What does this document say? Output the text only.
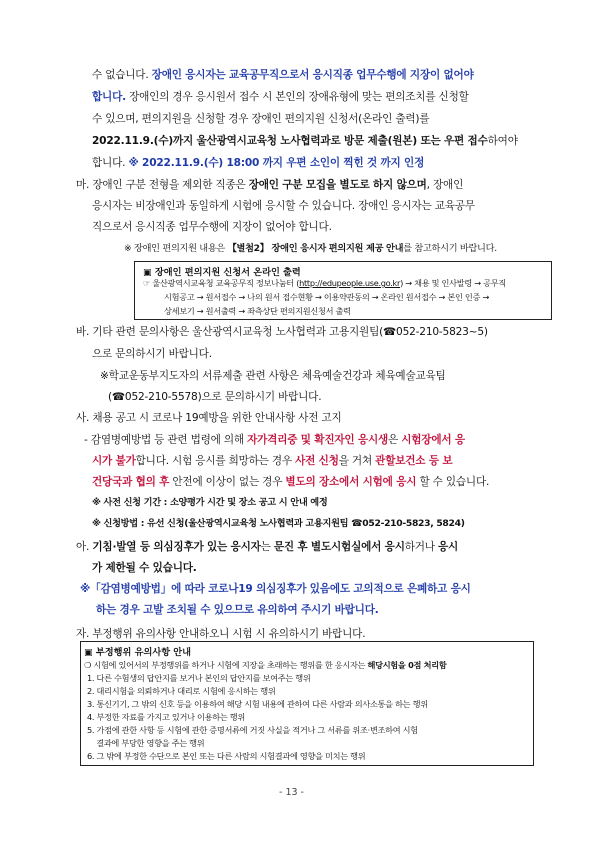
수 없습니다. 장애인 응시자는 교육공무직으로서 응시직종 업무수행에 지장이 없어야
합니다. 장애인의 경우 응시원서 접수 시 본인의 장애유형에 맞는 편의조치를 신청할
수 있으며, 편의지원을 신청할 경우 장애인 편의지원 신청서(온라인 출력)를
2022.11.9.(수)까지 울산광역시교육청 노사협력과로 방문 제출(원본) 또는 우편 접수하여야
합니다. ※ 2022.11.9.(수) 18:00 까지 우편 소인이 찍힌 것 까지 인정
마. 장애인 구분 전형을 제외한 직종은 장애인 구분 모집을 별도로 하지 않으며, 장애인
응시자는 비장애인과 동일하게 시험에 응시할 수 있습니다. 장애인 응시자는 교육공무
직으로서 응시직종 업무수행에 지장이 없어야 합니다.
※ 장애인 편의지원 내용은 【별첨2】 장애인 응시자 편의지원 제공 안내를 참고하시기 바랍니다.
▣ 장애인 편의지원 신청서 온라인 출력
☞ 울산광역시교육청 교육공무직 정보나눔터 (http://edupeople.use.go.kr) → 채용 및 인사발령 → 공무직
시험공고 → 원서접수 → 나의 원서 접수현황 → 이용약관동의 → 온라인 원서접수 → 본인 인증 →
상세보기 → 원서출력 → 좌측상단 편의지원신청서 출력
바. 기타 관련 문의사항은 울산광역시교육청 노사협력과 고용지원팀(☎052-210-5823~5)
으로 문의하시기 바랍니다.
※학교운동부지도자의 서류제출 관련 사항은 체육예술건강과 체육예술교육팀
(☎052-210-5578)으로 문의하시기 바랍니다.
사. 채용 공고 시 코로나 19예방을 위한 안내사항 사전 고지
- 감염병예방법 등 관련 법령에 의해 자가격리중 및 확진자인 응시생은 시험장에서 응
시가 불가합니다. 시험 응시를 희망하는 경우 사전 신청을 거쳐 관할보건소 등 보
건당국과 협의 후 안전에 이상이 없는 경우 별도의 장소에서 시험에 응시 할 수 있습니다.
※ 사전 신청 기간 : 소양평가 시간 및 장소 공고 시 안내 예정
※ 신청방법 : 유선 신청(울산광역시교육청 노사협력과 고용지원팀 ☎052-210-5823, 5824)
아. 기침·발열 등 의심징후가 있는 응시자는 문진 후 별도시험실에서 응시하거나 응시
가 제한될 수 있습니다.
※「감염병예방법」에 따라 코로나19 의심징후가 있음에도 고의적으로 은폐하고 응시
하는 경우 고발 조치될 수 있으므로 유의하여 주시기 바랍니다.
자. 부정행위 유의사항 안내하오니 시험 시 유의하시기 바랍니다.
▣ 부정행위 유의사항 안내
❍ 시험에 있어서의 부정행위를 하거나 시험에 지장을 초래하는 행위를 한 응시자는 해당시험을 0점 처리함
1. 다른 수험생의 답안지를 보거나 본인의 답안지를 보여주는 행위
2. 대리시험을 의뢰하거나 대리로 시험에 응시하는 행위
3. 통신기기, 그 밖의 신호 등을 이용하여 해당 시험 내용에 관하여 다른 사람과 의사소통을 하는 행위
4. 부정한 자료를 가지고 있거나 이용하는 행위
5. 가점에 관한 사항 등 시험에 관한 증명서류에 거짓 사실을 적거나 그 서류를 위조·변조하여 시험
결과에 부당한 영향을 주는 행위
6. 그 밖에 부정한 수단으로 본인 또는 다른 사람의 시험결과에 영향을 미치는 행위
- 13 -
